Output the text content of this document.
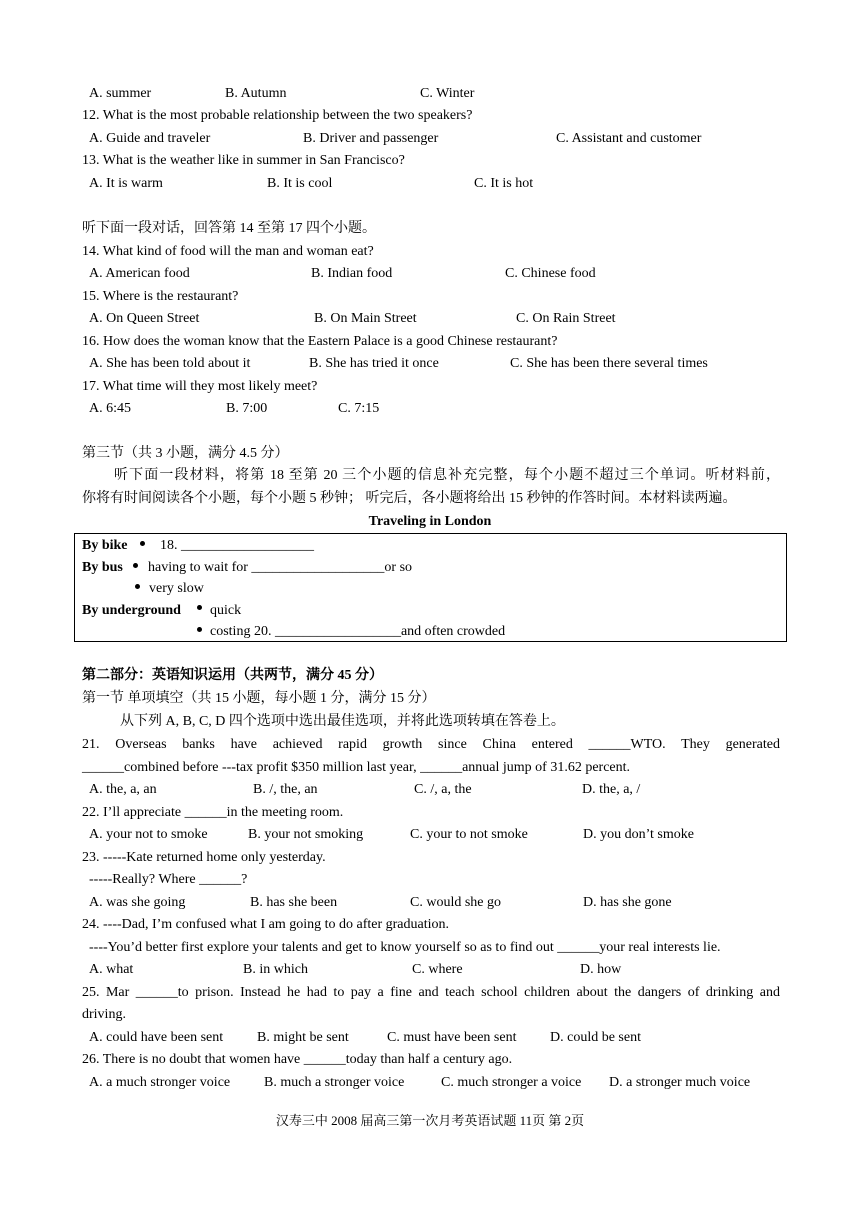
A. summer	B. Autumn	C. Winter
12. What is the most probable relationship between the two speakers?
A. Guide and traveler	B. Driver and passenger	C. Assistant and customer
13. What is the weather like in summer in San Francisco?
A. It is warm	B. It is cool	C. It is hot
听下面一段对话，回答第 14 至第 17 四个小题。
14. What kind of food will the man and woman eat?
A. American food	B. Indian food	C. Chinese food
15. Where is the restaurant?
A. On Queen Street	B. On Main Street	C. On Rain Street
16. How does the woman know that the Eastern Palace is a good Chinese restaurant?
A. She has been told about it	B. She has tried it once	C. She has been there several times
17. What time will they most likely meet?
A. 6:45	B. 7:00	C. 7:15
第三节（共 3 小题，满分 4.5 分）
听下面一段材料，将第 18 至第 20 三个小题的信息补充完整，每个小题不超过三个单词。听材料前，
你将有时间阅读各个小题，每个小题 5 秒钟； 听完后，各小题将给出 15 秒钟的作答时间。本材料读两遍。
Traveling in London
By bike 18. ___________________
By bus having to wait for ___________________or so
very slow
By underground quick
costing 20. __________________and often crowded
第二部分：英语知识运用（共两节，满分 45 分）
第一节 单项填空（共 15 小题，每小题 1 分，满分 15 分）
从下列 A, B, C, D 四个选项中选出最佳选项，并将此选项转填在答卷上。
21. Overseas banks have achieved rapid growth since China entered ______WTO. They generated
______combined before ---tax profit $350 million last year, ______annual jump of 31.62 percent.
A. the, a, an	B. /, the, an	C. /, a, the	D. the, a, /
22. I’ll appreciate ______in the meeting room.
A. your not to smoke	B. your not smoking	C. your to not smoke	D. you don’t smoke
23. -----Kate returned home only yesterday.
-----Really? Where ______?
A. was she going	B. has she been	C. would she go	D. has she gone
24. ----Dad, I’m confused what I am going to do after graduation.
----You’d better first explore your talents and get to know yourself so as to find out ______your real interests lie.
A. what	B. in which	C. where	D. how
25. Mar ______to prison. Instead he had to pay a fine and teach school children about the dangers of drinking and
driving.
A. could have been sent B. might be sent	C. must have been sent D. could be sent
26. There is no doubt that women have ______today than half a century ago.
A. a much stronger voice B. much a stronger voice	C. much stronger a voice D. a stronger much voice
汉寿三中 2008 届高三第一次月考英语试题 11页 第 2页
